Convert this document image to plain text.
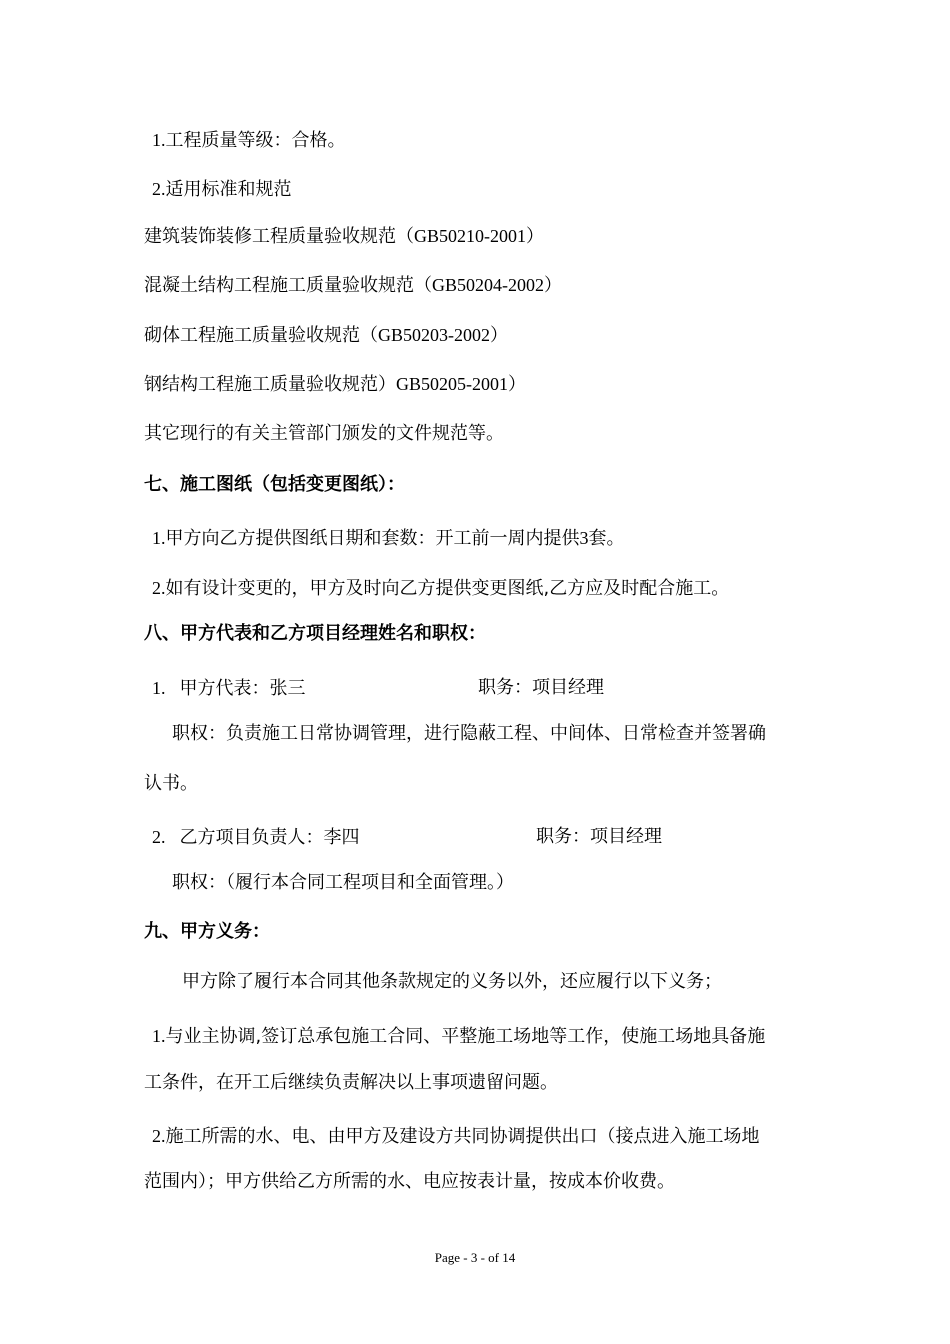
1.工程质量等级：合格。
2.适用标准和规范
建筑装饰装修工程质量验收规范（GB50210-2001）
混凝土结构工程施工质量验收规范（GB50204-2002）
砌体工程施工质量验收规范（GB50203-2002）
钢结构工程施工质量验收规范）GB50205-2001）
其它现行的有关主管部门颁发的文件规范等。
七、施工图纸（包括变更图纸）：
1.甲方向乙方提供图纸日期和套数：开工前一周内提供3套。
2.如有设计变更的，甲方及时向乙方提供变更图纸,乙方应及时配合施工。
八、甲方代表和乙方项目经理姓名和职权：
1. 甲方代表：张三	职务：项目经理
职权：负责施工日常协调管理，进行隐蔽工程、中间体、日常检查并签署确
认书。
2. 乙方项目负责人：李四	职务：项目经理
职权：（履行本合同工程项目和全面管理。）
九、甲方义务：
甲方除了履行本合同其他条款规定的义务以外，还应履行以下义务；
1.与业主协调,签订总承包施工合同、平整施工场地等工作，使施工场地具备施
工条件，在开工后继续负责解决以上事项遗留问题。
2.施工所需的水、电、由甲方及建设方共同协调提供出口（接点进入施工场地
范围内）；甲方供给乙方所需的水、电应按表计量，按成本价收费。
Page - 3 - of 14
